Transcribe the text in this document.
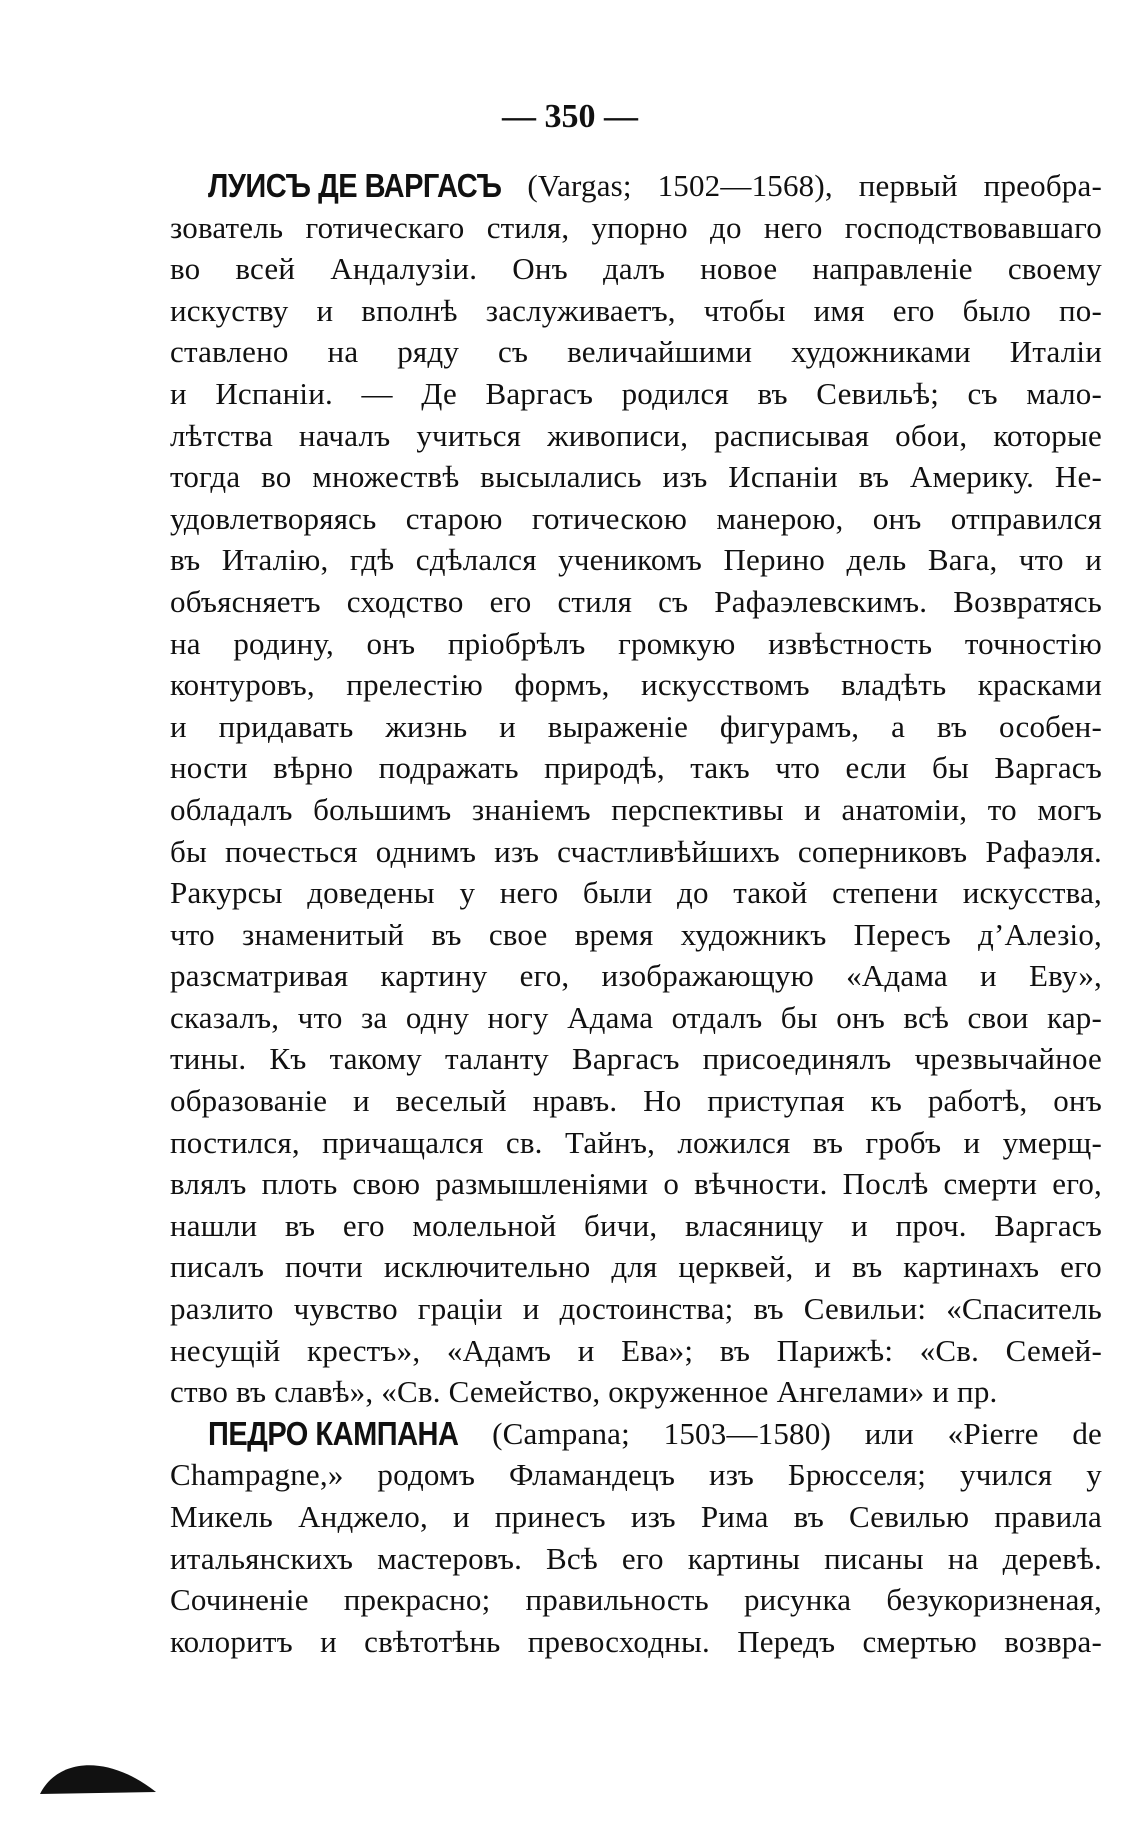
— 350 —
ЛУИСЪ ДЕ ВАРГАСЪ (Vargas; 1502—1568), первый преобра-
зователь готическаго стиля, упорно до него господствовавшаго
во всей Андалузіи. Онъ далъ новое направленіе своему
искуству и вполнѣ заслуживаетъ, чтобы имя его было по-
ставлено на ряду съ величайшими художниками Италіи
и Испаніи. — Де Варгасъ родился въ Севильѣ; съ мало-
лѣтства началъ учиться живописи, расписывая обои, которые
тогда во множествѣ высылались изъ Испаніи въ Америку. Не-
удовлетворяясь старою готическою манерою, онъ отправился
въ Италію, гдѣ сдѣлался ученикомъ Перино дель Вага, что и
объясняетъ сходство его стиля съ Рафаэлевскимъ. Возвратясь
на родину, онъ пріобрѣлъ громкую извѣстность точностію
контуровъ, прелестію формъ, искусствомъ владѣть красками
и придавать жизнь и выраженіе фигурамъ, а въ особен-
ности вѣрно подражать природѣ, такъ что если бы Варгасъ
обладалъ большимъ знаніемъ перспективы и анатоміи, то могъ
бы почесться однимъ изъ счастливѣйшихъ соперниковъ Рафаэля.
Ракурсы доведены у него были до такой степени искусства,
что знаменитый въ свое время художникъ Пересъ д’Алезіо,
разсматривая картину его, изображающую «Адама и Еву»,
сказалъ, что за одну ногу Адама отдалъ бы онъ всѣ свои кар-
тины. Къ такому таланту Варгасъ присоединялъ чрезвычайное
образованіе и веселый нравъ. Но приступая къ работѣ, онъ
постился, причащался св. Тайнъ, ложился въ гробъ и умерщ-
влялъ плоть свою размышленіями о вѣчности. Послѣ смерти его,
нашли въ его молельной бичи, власяницу и проч. Варгасъ
писалъ почти исключительно для церквей, и въ картинахъ его
разлито чувство граціи и достоинства; въ Севильи: «Спаситель
несущій крестъ», «Адамъ и Ева»; въ Парижѣ: «Св. Семей-
ство въ славѣ», «Св. Семейство, окруженное Ангелами» и пр.
ПЕДРО КАМПАНА (Campana; 1503—1580) или «Pierre de
Champagne,» родомъ Фламандецъ изъ Брюсселя; учился у
Микель Анджело, и принесъ изъ Рима въ Севилью правила
итальянскихъ мастеровъ. Всѣ его картины писаны на деревѣ.
Сочиненіе прекрасно; правильность рисунка безукоризненая,
колоритъ и свѣтотѣнь превосходны. Передъ смертью возвра-
